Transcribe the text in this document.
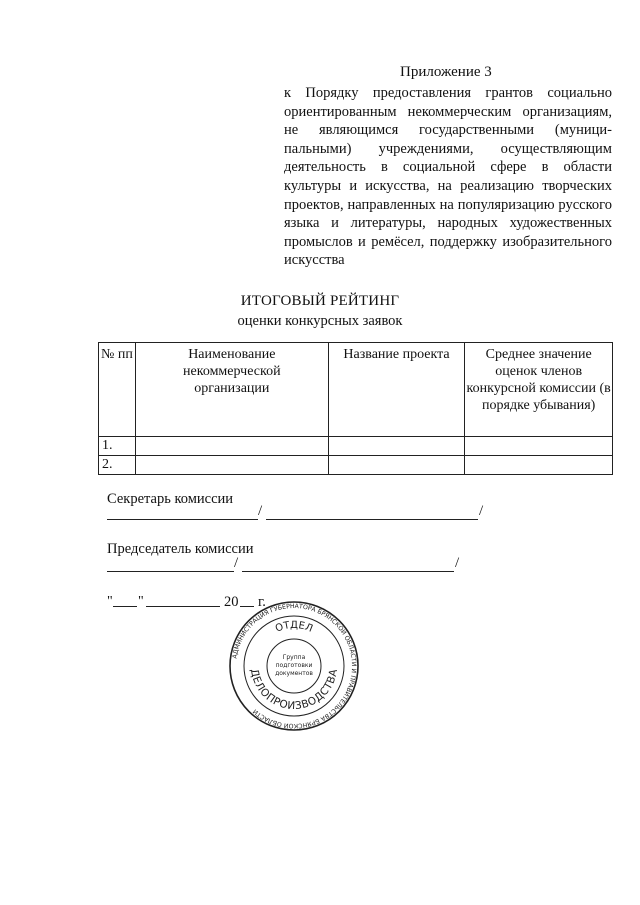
Приложение 3
к Порядку предоставления грантов социально ориентированным некоммерческим организациям, не являющимся государственными (муници-пальными) учреждениями, осуществляющим деятельность в социальной сфере в области культуры и искусства, на реализацию творческих проектов, направленных на популяризацию русского языка и литературы, народных художественных промыслов и ремёсел, поддержку изобразительного искусства
ИТОГОВЫЙ РЕЙТИНГ
оценки конкурсных заявок
№ пп	Наименование некоммерческой организации	Название проекта	Среднее значение оценок членов конкурсной комиссии (в порядке убывания)
1.			
2.			
Секретарь комиссии
/	/
Председатель комиссии
/	/
" "	20 г.
АДМИНИСТРАЦИЯ ГУБЕРНАТОРА БРЯНСКОЙ ОБЛАСТИ И ПРАВИТЕЛЬСТВА БРЯНСКОЙ ОБЛАСТИ
ОТДЕЛ
ДЕЛОПРОИЗВОДСТВА
Группа
подготовки
документов
